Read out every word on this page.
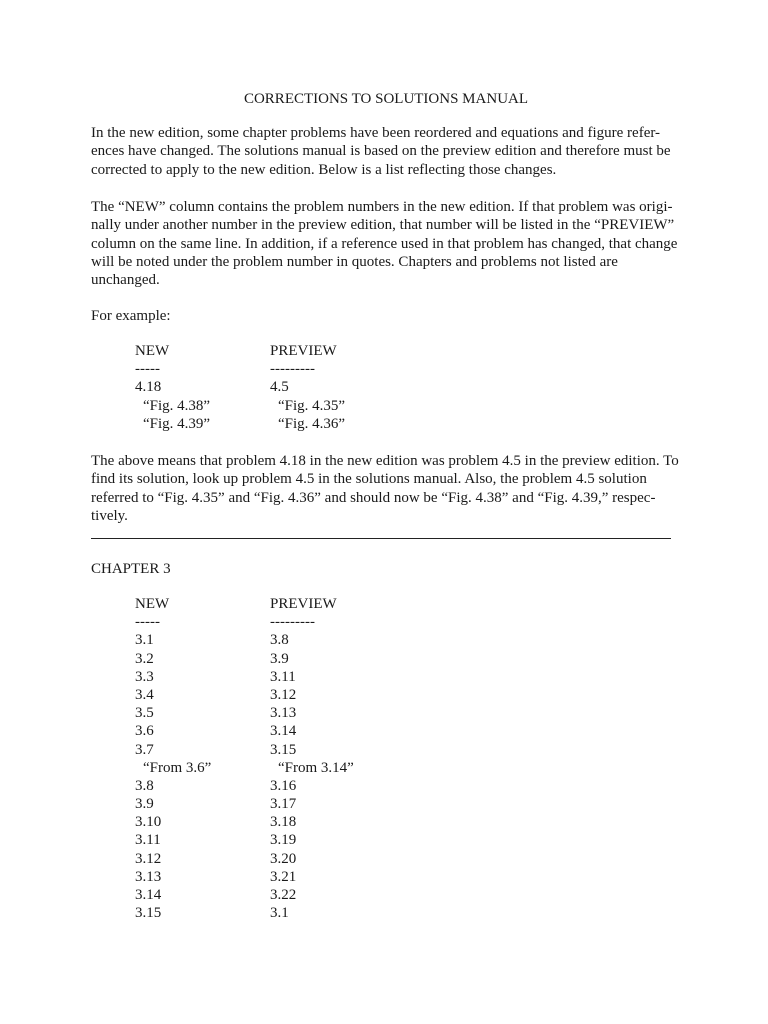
CORRECTIONS TO SOLUTIONS MANUAL

In the new edition, some chapter problems have been reordered and equations and figure refer-
ences have changed. The solutions manual is based on the preview edition and therefore must be
corrected to apply to the new edition. Below is a list reflecting those changes.

The “NEW” column contains the problem numbers in the new edition. If that problem was origi-
nally under another number in the preview edition, that number will be listed in the “PREVIEW”
column on the same line. In addition, if a reference used in that problem has changed, that change
will be noted under the problem number in quotes. Chapters and problems not listed are
unchanged.

For example:

NEW	PREVIEW
-----	---------
4.18	4.5
“Fig. 4.38”	“Fig. 4.35”
“Fig. 4.39”	“Fig. 4.36”

The above means that problem 4.18 in the new edition was problem 4.5 in the preview edition. To
find its solution, look up problem 4.5 in the solutions manual. Also, the problem 4.5 solution
referred to “Fig. 4.35” and “Fig. 4.36” and should now be “Fig. 4.38” and “Fig. 4.39,” respec-
tively.

CHAPTER 3
NEW	PREVIEW
-----	---------
3.1	3.8
3.2	3.9
3.3	3.11
3.4	3.12
3.5	3.13
3.6	3.14
3.7	3.15
“From 3.6”	“From 3.14”
3.8	3.16
3.9	3.17
3.10	3.18
3.11	3.19
3.12	3.20
3.13	3.21
3.14	3.22
3.15	3.1
